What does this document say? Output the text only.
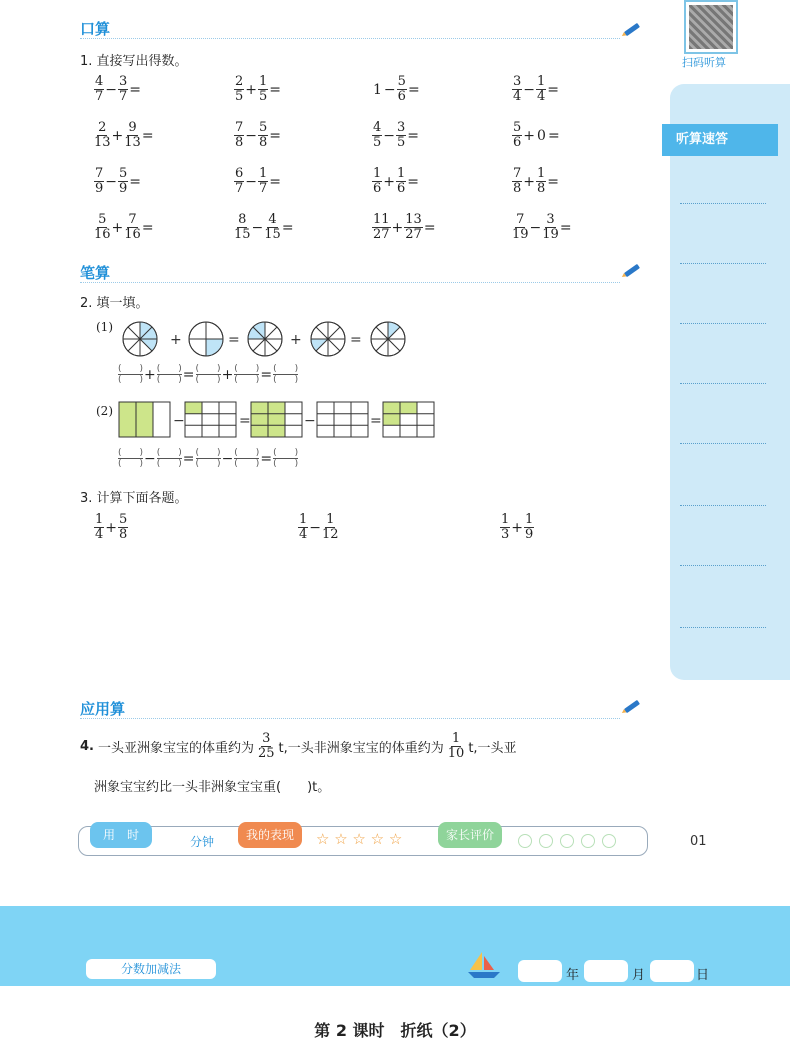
口算
1. 直接写出得数。
$\frac{4}{7} - \frac{3}{7}$ =	$\frac{2}{5} + \frac{1}{5}$ =	$1 - \frac{5}{6}$ =	$\frac{3}{4} - \frac{1}{4}$ =
$\frac{2}{13} + \frac{9}{13}$ =	$\frac{7}{8} - \frac{5}{8}$ =	$\frac{4}{5} - \frac{3}{5}$ =	$\frac{5}{6} + 0$ =
$\frac{7}{9} - \frac{5}{9}$ =	$\frac{6}{7} - \frac{1}{7}$ =	$\frac{1}{6} + \frac{1}{6}$ =	$\frac{7}{8} + \frac{1}{8}$ =
$\frac{5}{16} + \frac{7}{16}$ =	$\frac{8}{15} - \frac{4}{15}$ =	$\frac{11}{27} + \frac{13}{27}$ =	$\frac{7}{19} - \frac{3}{19}$ =
笔算
2. 填一填。
(1)
+	=	+	=
(　　)
(　　) + (　　)
(　　) = (　　)
(　　) + (　　)
(　　) = (　　)
(　　)
(2)
−	=	−	=
(　　)
(　　) − (　　)
(　　) = (　　)
(　　) − (　　)
(　　) = (　　)
(　　)
3. 计算下面各题。
$\frac{1}{4} + \frac{5}{8}$	$\frac{1}{4} - \frac{1}{12}$	$\frac{1}{3} + \frac{1}{9}$
应用算
4. 一头亚洲象宝宝的体重约为 $\frac{3}{25} t$,一头非洲象宝宝的体重约为 $\frac{1}{10} t$,一头亚
洲象宝宝约比一头非洲象宝宝重(　　)t。
用　时	分钟	我的表现	☆ ☆ ☆ ☆ ☆	家长评价	01
扫码听算
听算速答
分数加减法	年	月	日
第 2 课时　折纸（2）
